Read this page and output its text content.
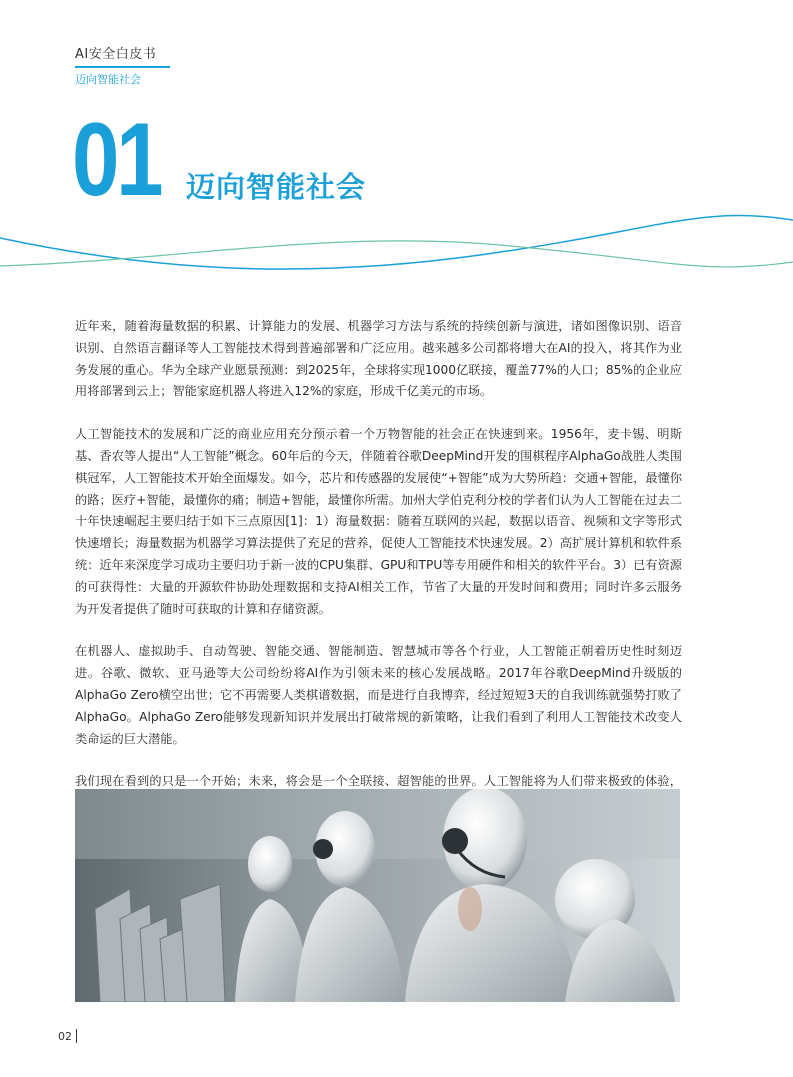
AI安全白皮书
迈向智能社会
01 迈向智能社会

近年来，随着海量数据的积累、计算能力的发展、机器学习方法与系统的持续创新与演进，诸如图像识别、语音识别、自然语言翻译等人工智能技术得到普遍部署和广泛应用。越来越多公司都将增大在AI的投入，将其作为业务发展的重心。华为全球产业愿景预测：到2025年，全球将实现1000亿联接，覆盖77%的人口；85%的企业应用将部署到云上；智能家庭机器人将进入12%的家庭，形成千亿美元的市场。

人工智能技术的发展和广泛的商业应用充分预示着一个万物智能的社会正在快速到来。1956年，麦卡锡、明斯基、香农等人提出“人工智能”概念。60年后的今天，伴随着谷歌DeepMind开发的围棋程序AlphaGo战胜人类围棋冠军，人工智能技术开始全面爆发。如今，芯片和传感器的发展使“+智能”成为大势所趋：交通+智能，最懂你的路；医疗+智能，最懂你的痛；制造+智能，最懂你所需。加州大学伯克利分校的学者们认为人工智能在过去二十年快速崛起主要归结于如下三点原因[1]：1）海量数据：随着互联网的兴起，数据以语音、视频和文字等形式快速增长；海量数据为机器学习算法提供了充足的营养，促使人工智能技术快速发展。2）高扩展计算机和软件系统：近年来深度学习成功主要归功于新一波的CPU集群、GPU和TPU等专用硬件和相关的软件平台。3）已有资源的可获得性：大量的开源软件协助处理数据和支持AI相关工作，节省了大量的开发时间和费用；同时许多云服务为开发者提供了随时可获取的计算和存储资源。

在机器人、虚拟助手、自动驾驶、智能交通、智能制造、智慧城市等各个行业，人工智能正朝着历史性时刻迈进。谷歌、微软、亚马逊等大公司纷纷将AI作为引领未来的核心发展战略。2017年谷歌DeepMind升级版的AlphaGo Zero横空出世；它不再需要人类棋谱数据，而是进行自我博弈，经过短短3天的自我训练就强势打败了AlphaGo。AlphaGo Zero能够发现新知识并发展出打破常规的新策略，让我们看到了利用人工智能技术改变人类命运的巨大潜能。

我们现在看到的只是一个开始；未来，将会是一个全联接、超智能的世界。人工智能将为人们带来极致的体验，

02
